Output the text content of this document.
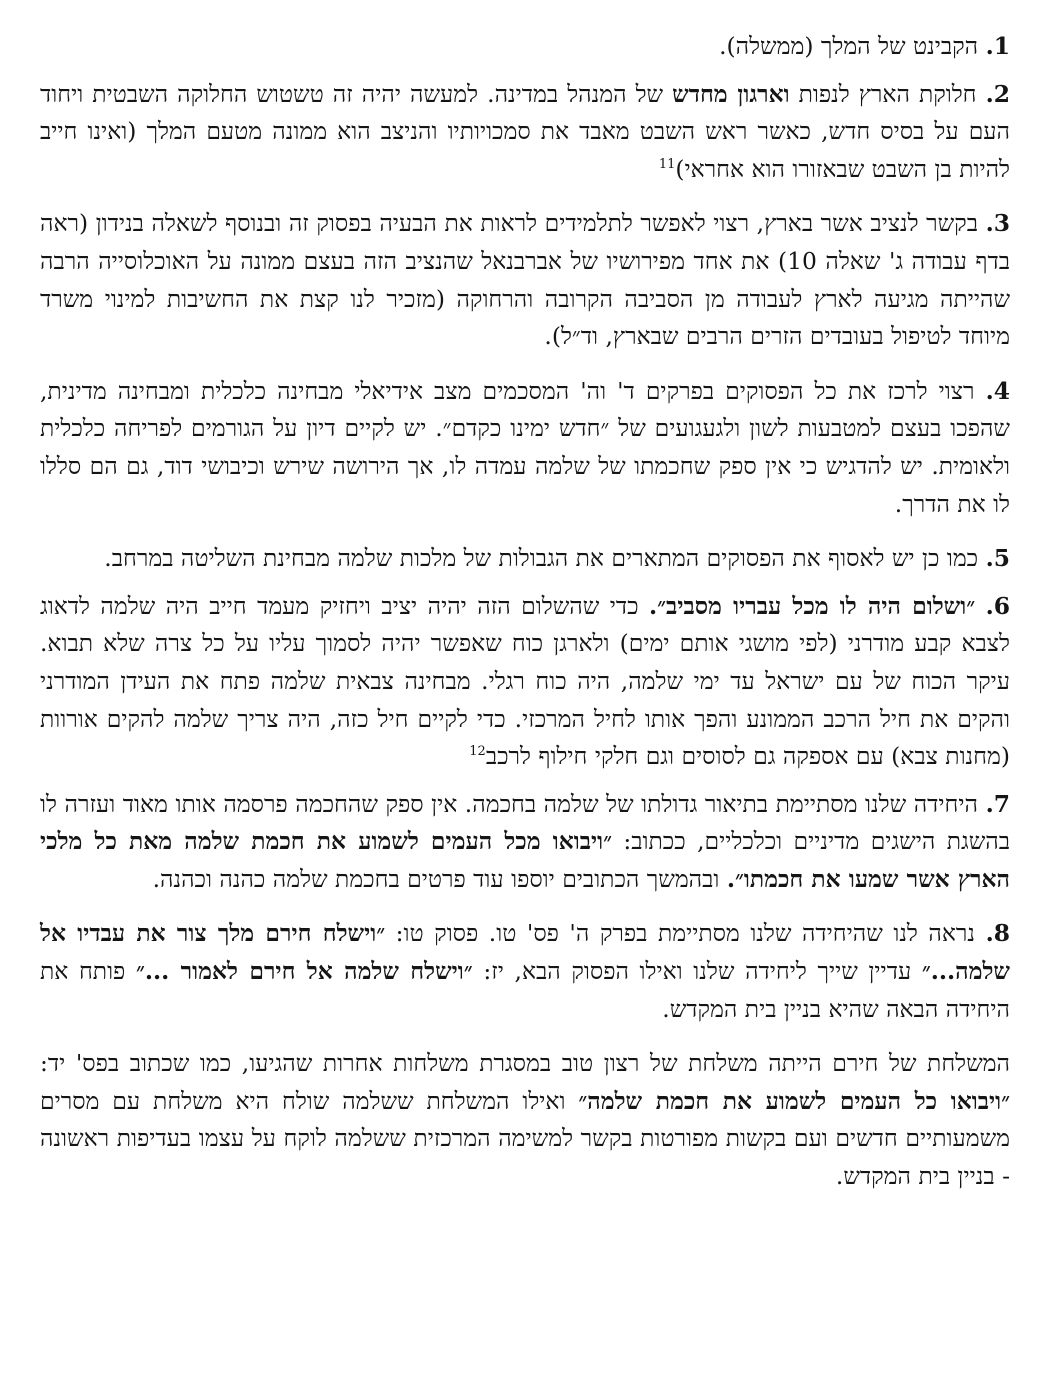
1. הקבינט של המלך (ממשלה).

2. חלוקת הארץ לנפות וארגון מחדש של המנהל במדינה. למעשה יהיה זה טשטוש החלוקה השבטית ויחוד העם על בסיס חדש, כאשר ראש השבט מאבד את סמכויותיו והניצב הוא ממונה מטעם המלך (ואינו חייב להיות בן השבט שבאזורו הוא אחראי)$^{11}$

3. בקשר לנציב אשר בארץ, רצוי לאפשר לתלמידים לראות את הבעיה בפסוק זה ובנוסף לשאלה בנידון (ראה בדף עבודה ג' שאלה 10) את אחד מפירושיו של אברבנאל שהנציב הזה בעצם ממונה על האוכלוסייה הרבה שהייתה מגיעה לארץ לעבודה מן הסביבה הקרובה והרחוקה (מזכיר לנו קצת את החשיבות למינוי משרד מיוחד לטיפול בעובדים הזרים הרבים שבארץ, וד״ל).

4. רצוי לרכז את כל הפסוקים בפרקים ד' וה' המסכמים מצב אידיאלי מבחינה כלכלית ומבחינה מדינית, שהפכו בעצם למטבעות לשון ולגעגועים של ״חדש ימינו כקדם״. יש לקיים דיון על הגורמים לפריחה כלכלית ולאומית. יש להדגיש כי אין ספק שחכמתו של שלמה עמדה לו, אך הירושה שירש וכיבושי דוד, גם הם סללו לו את הדרך.

5. כמו כן יש לאסוף את הפסוקים המתארים את הגבולות של מלכות שלמה מבחינת השליטה במרחב.

6. ״ושלום היה לו מכל עבריו מסביב״. כדי שהשלום הזה יהיה יציב ויחזיק מעמד חייב היה שלמה לדאוג לצבא קבע מודרני (לפי מושגי אותם ימים) ולארגן כוח שאפשר יהיה לסמוך עליו על כל צרה שלא תבוא. עיקר הכוח של עם ישראל עד ימי שלמה, היה כוח רגלי. מבחינה צבאית שלמה פתח את העידן המודרני והקים את חיל הרכב הממונע והפך אותו לחיל המרכזי. כדי לקיים חיל כזה, היה צריך שלמה להקים אורוות (מחנות צבא) עם אספקה גם לסוסים וגם חלקי חילוף לרכב$^{12}$

7. היחידה שלנו מסתיימת בתיאור גדולתו של שלמה בחכמה. אין ספק שהחכמה פרסמה אותו מאוד ועזרה לו בהשגת הישגים מדיניים וכלכליים, ככתוב: ״ויבואו מכל העמים לשמוע את חכמת שלמה מאת כל מלכי הארץ אשר שמעו את חכמתו״. ובהמשך הכתובים יוספו עוד פרטים בחכמת שלמה כהנה וכהנה.

8. נראה לנו שהיחידה שלנו מסתיימת בפרק ה' פס' טו. פסוק טו: ״וישלח חירם מלך צור את עבדיו אל שלמה...״ עדיין שייך ליחידה שלנו ואילו הפסוק הבא, יז: ״וישלח שלמה אל חירם לאמור ...״ פותח את היחידה הבאה שהיא בניין בית המקדש.

המשלחת של חירם הייתה משלחת של רצון טוב במסגרת משלחות אחרות שהגיעו, כמו שכתוב בפס' יד: ״ויבואו כל העמים לשמוע את חכמת שלמה״ ואילו המשלחת ששלמה שולח היא משלחת עם מסרים משמעותיים חדשים ועם בקשות מפורטות בקשר למשימה המרכזית ששלמה לוקח על עצמו בעדיפות ראשונה - בניין בית המקדש.
